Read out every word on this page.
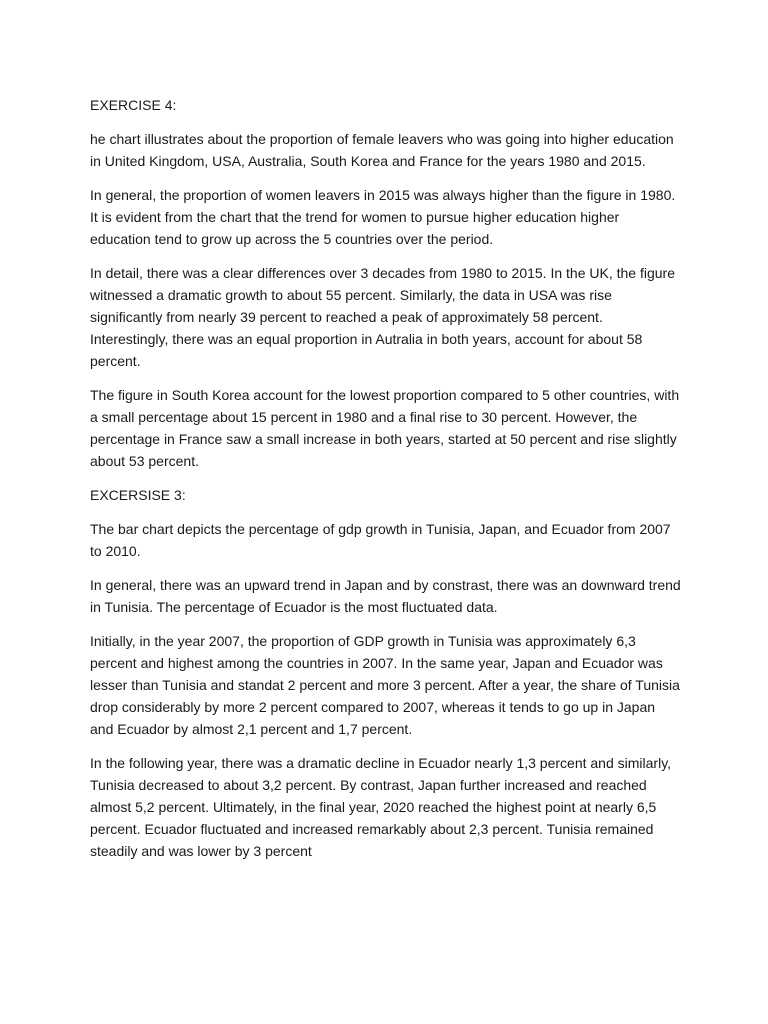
EXERCISE 4:

he chart illustrates about the proportion of female leavers who was going into higher education in United Kingdom, USA, Australia, South Korea and France for the years 1980 and 2015.

In general, the proportion of women leavers in 2015 was always higher than the figure in 1980. It is evident from the chart that the trend for women to pursue higher education higher education tend to grow up across the 5 countries over the period.

In detail, there was a clear differences over 3 decades from 1980 to 2015. In the UK, the figure witnessed a dramatic growth to about 55 percent. Similarly, the data in USA was rise significantly from nearly 39 percent to reached a peak of approximately 58 percent. Interestingly, there was an equal proportion in Autralia in both years, account for about 58 percent.

The figure in South Korea account for the lowest proportion compared to 5 other countries, with a small percentage about 15 percent in 1980 and a final rise to 30 percent. However, the percentage in France saw a small increase in both years, started at 50 percent and rise slightly about 53 percent.

EXCERSISE 3:

The bar chart depicts the percentage of gdp growth in Tunisia, Japan, and Ecuador from 2007 to 2010.

In general, there was an upward trend in Japan and by constrast, there was an downward trend in Tunisia. The percentage of Ecuador is the most fluctuated data.

Initially, in the year 2007, the proportion of GDP growth in Tunisia was approximately 6,3 percent and highest among the countries in 2007. In the same year, Japan and Ecuador was lesser than Tunisia and standat 2 percent and more 3 percent. After a year, the share of Tunisia drop considerably by more 2 percent compared to 2007, whereas it tends to go up in Japan and Ecuador by almost 2,1 percent and 1,7 percent.

In the following year, there was a dramatic decline in Ecuador nearly 1,3 percent and similarly, Tunisia decreased to about 3,2 percent. By contrast, Japan further increased and reached almost 5,2 percent. Ultimately, in the final year, 2020 reached the highest point at nearly 6,5 percent. Ecuador fluctuated and increased remarkably about 2,3 percent. Tunisia remained steadily and was lower by 3 percent
